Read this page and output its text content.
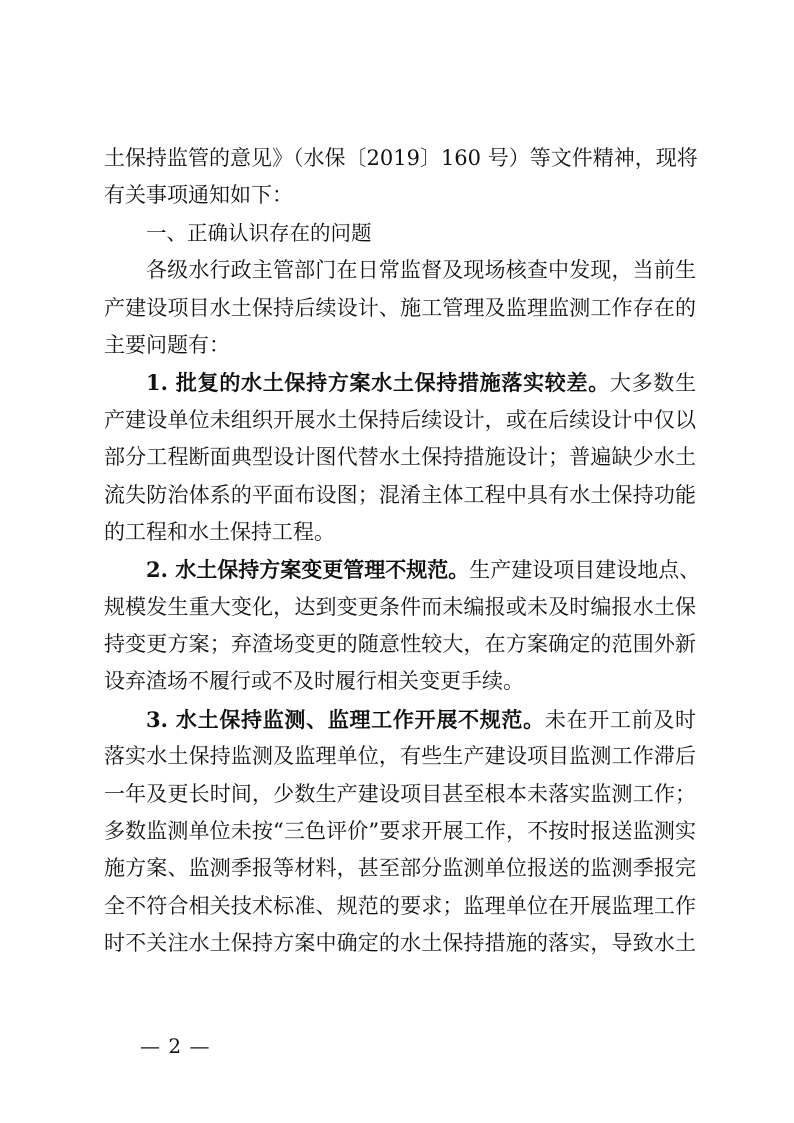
土保持监管的意见》（水保〔2019〕160 号）等文件精神，现将
有关事项通知如下：
一、正确认识存在的问题
各级水行政主管部门在日常监督及现场核查中发现，当前生
产建设项目水土保持后续设计、施工管理及监理监测工作存在的
主要问题有：
1. 批复的水土保持方案水土保持措施落实较差。大多数生
产建设单位未组织开展水土保持后续设计，或在后续设计中仅以
部分工程断面典型设计图代替水土保持措施设计；普遍缺少水土
流失防治体系的平面布设图；混淆主体工程中具有水土保持功能
的工程和水土保持工程。
2. 水土保持方案变更管理不规范。生产建设项目建设地点、
规模发生重大变化，达到变更条件而未编报或未及时编报水土保
持变更方案；弃渣场变更的随意性较大，在方案确定的范围外新
设弃渣场不履行或不及时履行相关变更手续。
3. 水土保持监测、监理工作开展不规范。未在开工前及时
落实水土保持监测及监理单位，有些生产建设项目监测工作滞后
一年及更长时间，少数生产建设项目甚至根本未落实监测工作；
多数监测单位未按“三色评价”要求开展工作，不按时报送监测实
施方案、监测季报等材料，甚至部分监测单位报送的监测季报完
全不符合相关技术标准、规范的要求；监理单位在开展监理工作
时不关注水土保持方案中确定的水土保持措施的落实，导致水土
— 2 —
